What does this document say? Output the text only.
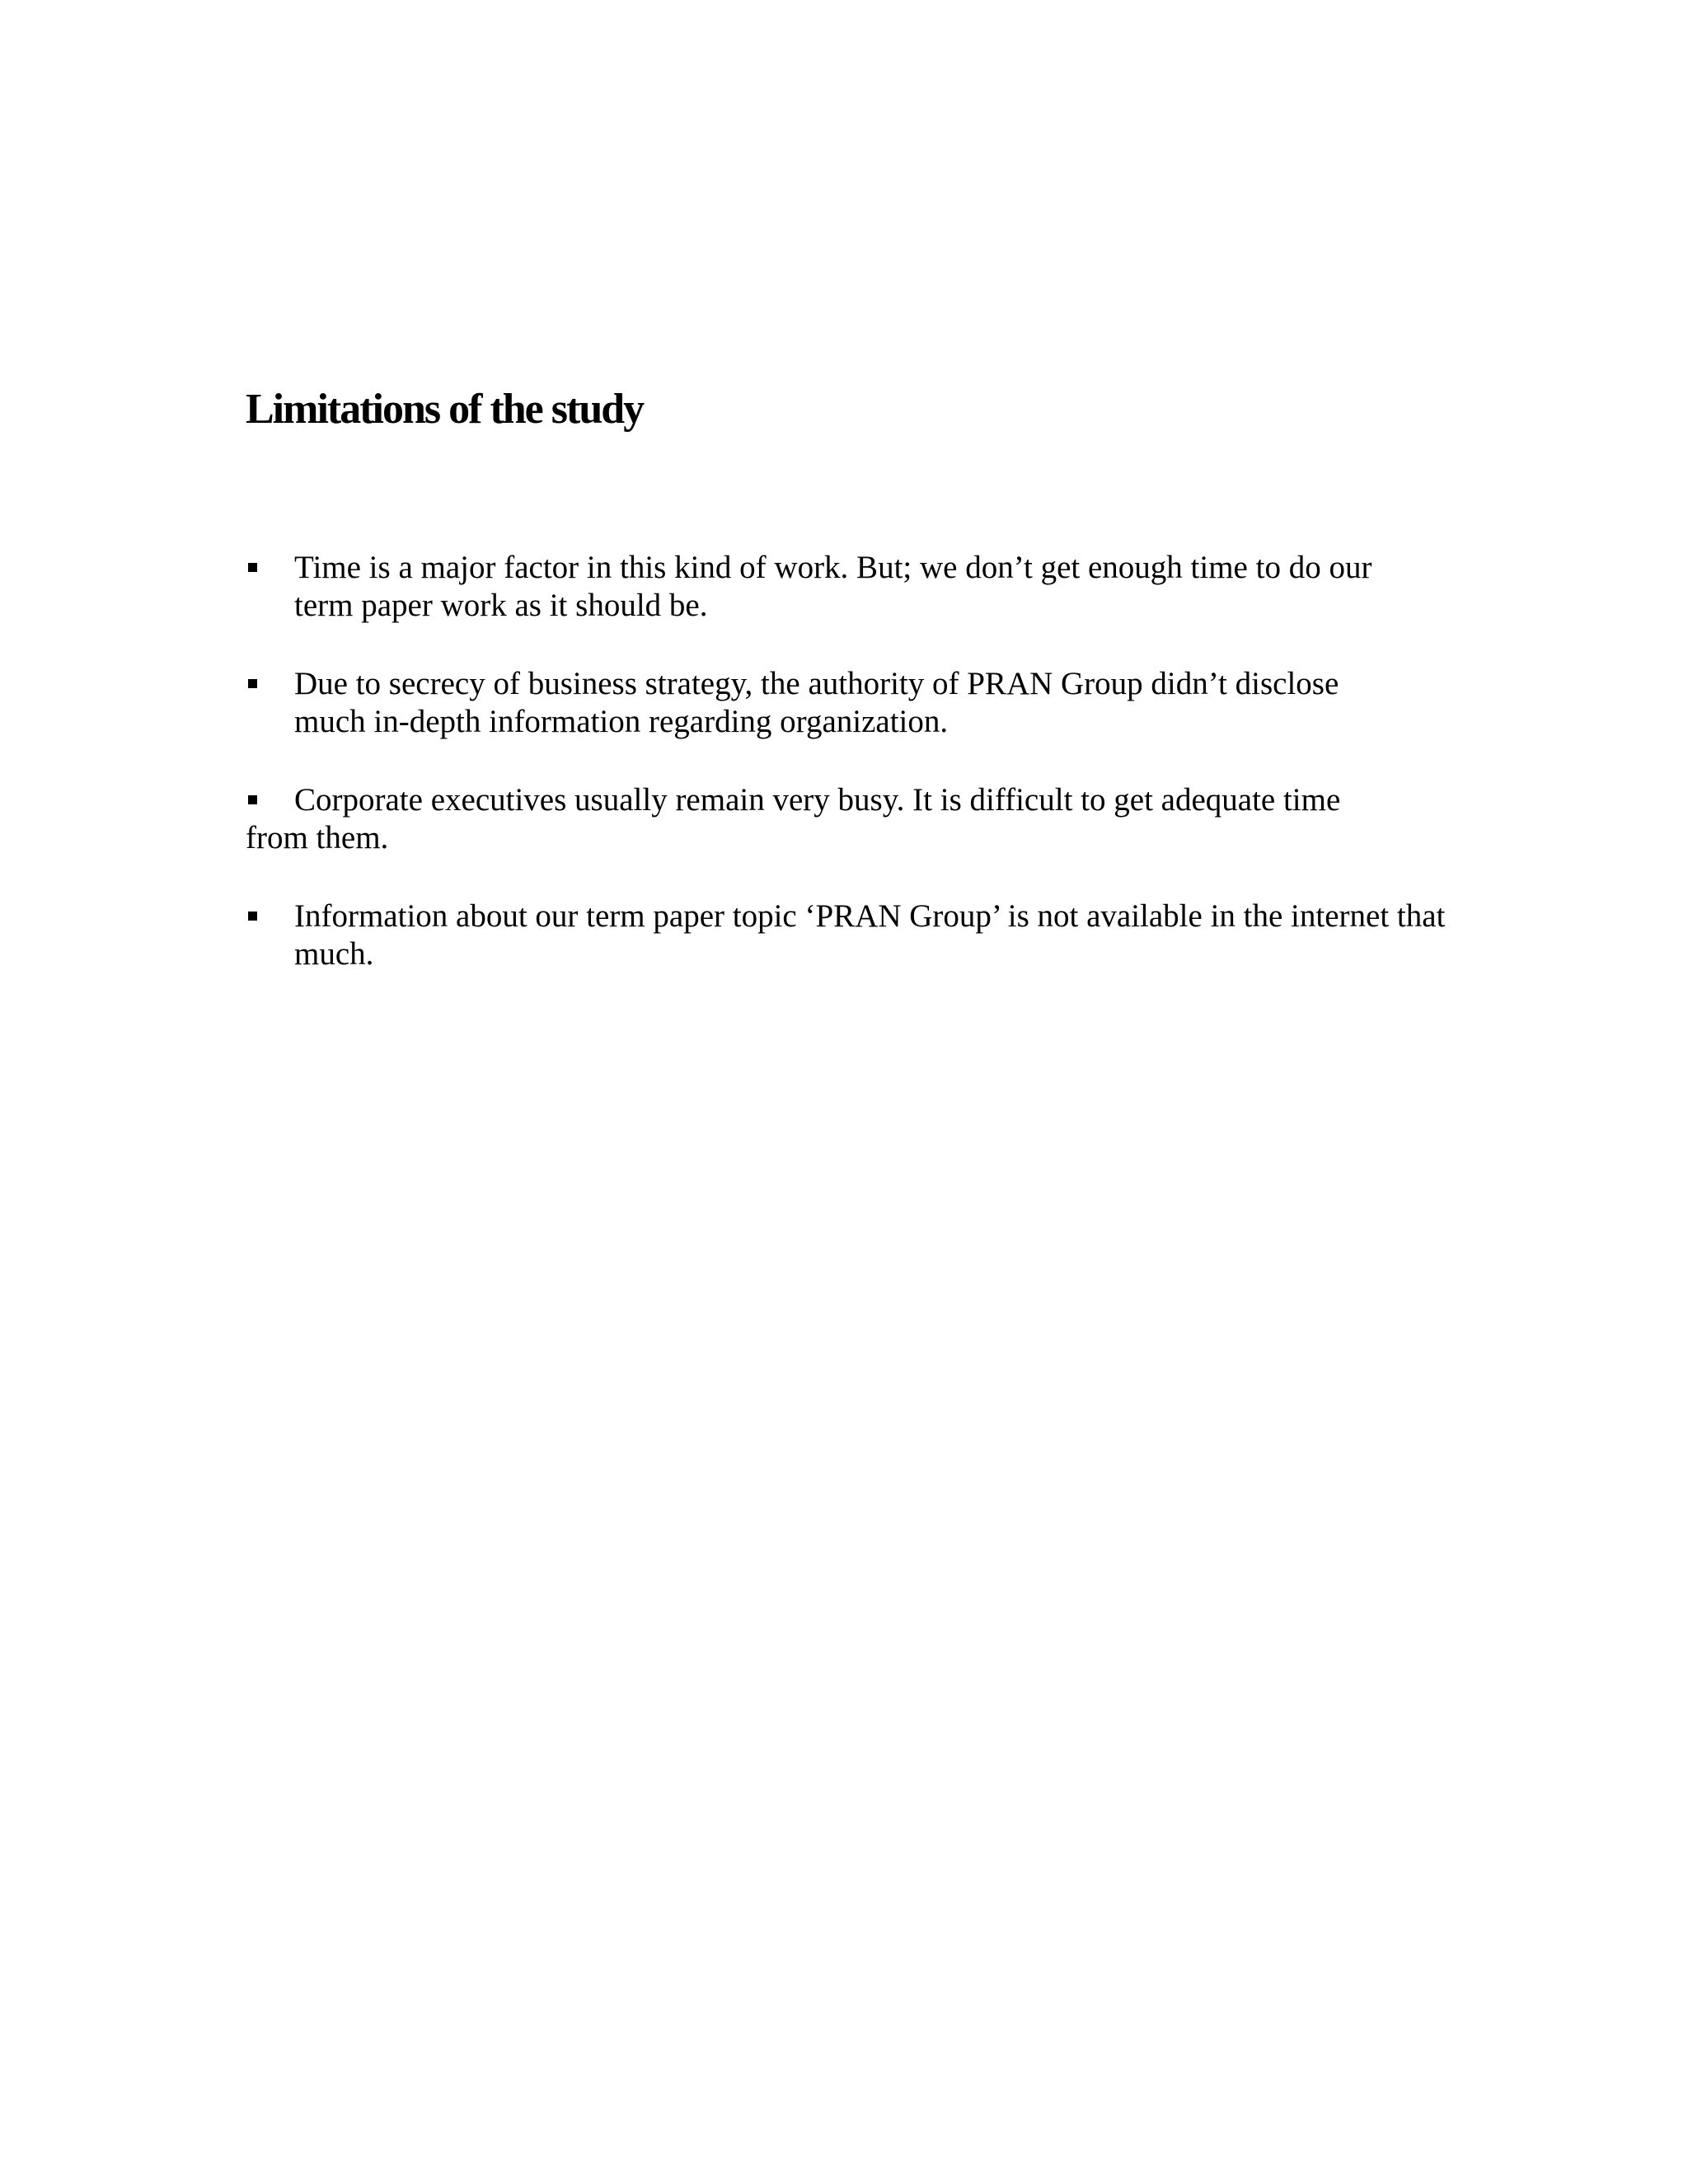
Limitations of the study
Time is a major factor in this kind of work. But; we don’t get enough time to do our
term paper work as it should be.
Due to secrecy of business strategy, the authority of PRAN Group didn’t disclose
much in-depth information regarding organization.
Corporate executives usually remain very busy. It is difficult to get adequate time
from them.
Information about our term paper topic ‘PRAN Group’ is not available in the internet that
much.
